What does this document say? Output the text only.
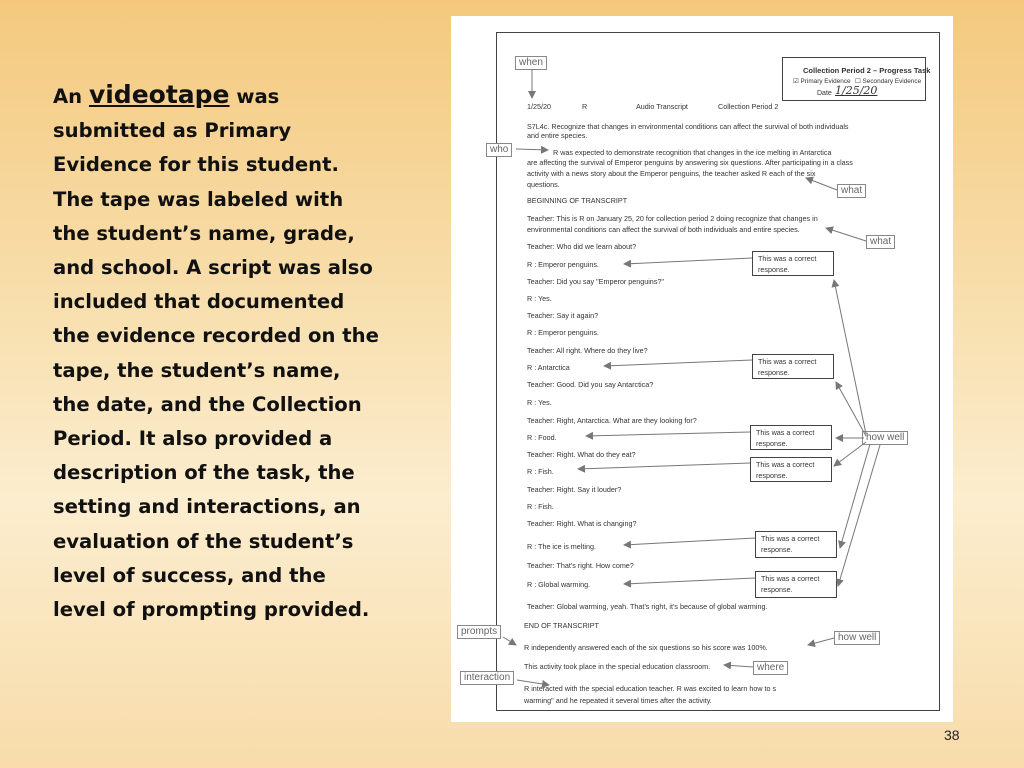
An videotape was submitted as Primary Evidence for this student. The tape was labeled with the student’s name, grade, and school. A script was also included that documented the evidence recorded on the tape, the student’s name, the date, and the Collection Period. It also provided a description of the task, the setting and interactions, an evaluation of the student’s level of success, and the level of prompting provided.
Collection Period 2 – Progress Task
☑ Primary Evidence ☐ Secondary Evidence
Date 1/25/20
1/25/20	R	Audio Transcript	Collection Period 2
S7L4c. Recognize that changes in environmental conditions can affect the survival of both individuals
and entire species.
R was expected to demonstrate recognition that changes in the ice melting in Antarctica
are affecting the survival of Emperor penguins by answering six questions. After participating in a class
activity with a news story about the Emperor penguins, the teacher asked R each of the six
questions.
BEGINNING OF TRANSCRIPT
Teacher: This is R on January 25, 20 for collection period 2 doing recognize that changes in
environmental conditions can affect the survival of both individuals and entire species.
Teacher: Who did we learn about?
R : Emperor penguins.
Teacher: Did you say "Emperor penguins?"
R : Yes.
Teacher: Say it again?
R : Emperor penguins.
Teacher: All right. Where do they live?
R : Antarctica
Teacher: Good. Did you say Antarctica?
R : Yes.
Teacher: Right, Antarctica. What are they looking for?
R : Food.
Teacher: Right. What do they eat?
R : Fish.
Teacher: Right. Say it louder?
R : Fish.
Teacher: Right. What is changing?
R : The ice is melting.
Teacher: That’s right. How come?
R : Global warming.
Teacher: Global warming, yeah. That’s right, it’s because of global warming.
END OF TRANSCRIPT
R independently answered each of the six questions so his score was 100%.
This activity took place in the special education classroom.
R interacted with the special education teacher. R was excited to learn how to s
warming" and he repeated it several times after the activity.
This was a correct
response.
This was a correct
response.
This was a correct
response.
This was a correct
response.
This was a correct
response.
This was a correct
response.
when
who
what
what
how well
prompts
how well
where
interaction
38
